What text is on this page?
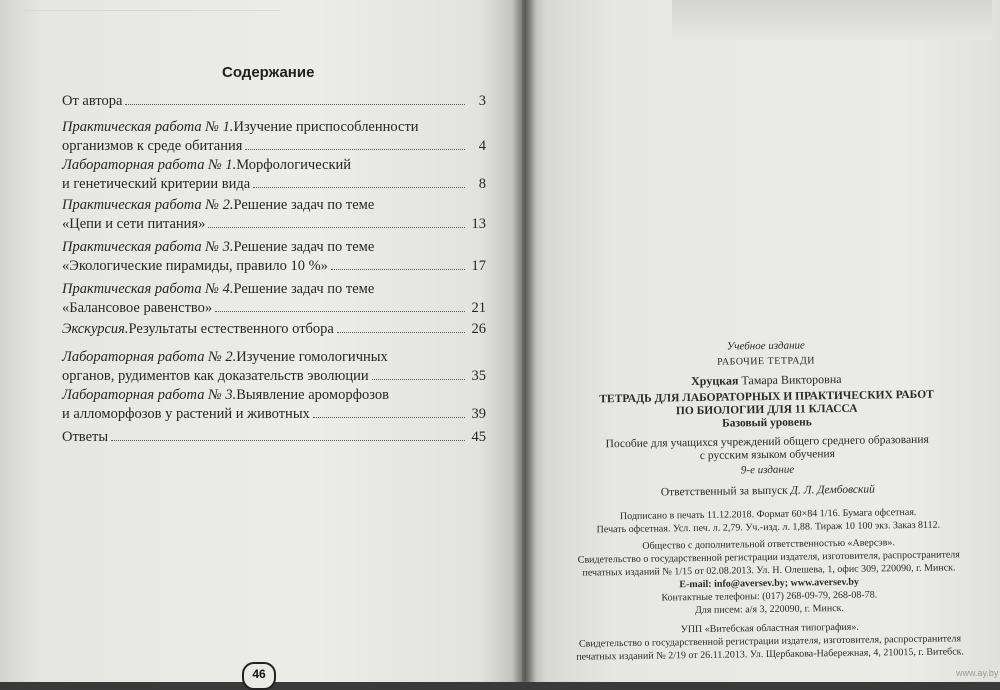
Содержание
От автора	3
Практическая работа № 1. Изучение приспособленности
организмов к среде обитания	4
Лабораторная работа № 1. Морфологический
и генетический критерии вида	8
Практическая работа № 2. Решение задач по теме
«Цепи и сети питания»	13
Практическая работа № 3. Решение задач по теме
«Экологические пирамиды, правило 10 %»	17
Практическая работа № 4. Решение задач по теме
«Балансовое равенство»	21
Экскурсия. Результаты естественного отбора	26
Лабораторная работа № 2. Изучение гомологичных
органов, рудиментов как доказательств эволюции	35
Лабораторная работа № 3. Выявление ароморфозов
и алломорфозов у растений и животных	39
Ответы	45
46
Учебное издание
РАБОЧИЕ ТЕТРАДИ
Хруцкая Тамара Викторовна
ТЕТРАДЬ ДЛЯ ЛАБОРАТОРНЫХ И ПРАКТИЧЕСКИХ РАБОТ
ПО БИОЛОГИИ ДЛЯ 11 КЛАССА
Базовый уровень
Пособие для учащихся учреждений общего среднего образования
с русским языком обучения
9-е издание
Ответственный за выпуск Д. Л. Дембовский
Подписано в печать 11.12.2018. Формат 60×84 1/16. Бумага офсетная.
Печать офсетная. Усл. печ. л. 2,79. Уч.-изд. л. 1,88. Тираж 10 100 экз. Заказ 8112.
Общество с дополнительной ответственностью «Аверсэв».
Свидетельство о государственной регистрации издателя, изготовителя, распространителя
печатных изданий № 1/15 от 02.08.2013. Ул. Н. Олешева, 1, офис 309, 220090, г. Минск.
E-mail: info@aversev.by; www.aversev.by
Контактные телефоны: (017) 268-09-79, 268-08-78.
Для писем: а/я 3, 220090, г. Минск.
УПП «Витебская областная типография».
Свидетельство о государственной регистрации издателя, изготовителя, распространителя
печатных изданий № 2/19 от 26.11.2013. Ул. Щербакова-Набережная, 4, 210015, г. Витебск.
www.ay.by
